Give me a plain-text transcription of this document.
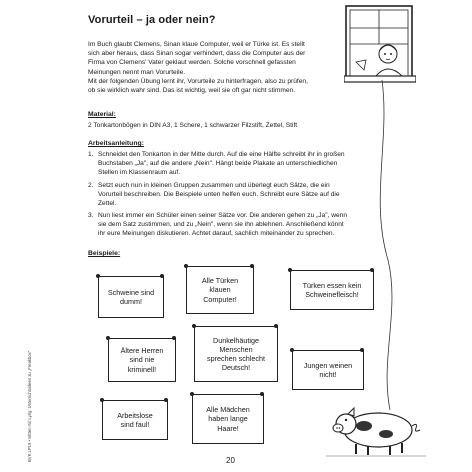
Vorurteil – ja oder nein?
Im Buch glaubt Clemens, Sinan klaue Computer, weil er Türke ist. Es stellt
sich aber heraus, dass Sinan sogar verhindert, dass die Computer aus der
Firma von Clemens' Vater geklaut werden. Solche vorschnell gefassten
Meinungen nennt man Vorurteile.
Mit der folgenden Übung lernt ihr, Vorurteile zu hinterfragen, also zu prüfen,
ob sie wirklich wahr sind. Das ist wichtig, weil sie oft gar nicht stimmen.
Material:
2 Tonkartonbögen in DIN A3, 1 Schere, 1 schwarzer Filzstift, Zettel, Stift
Arbeitsanleitung:
1. Schneidet den Tonkarton in der Mitte durch. Auf die eine Hälfte schreibt ihr in großen
Buchstaben „Ja", auf die andere „Nein". Hängt beide Plakate an unterschiedlichen
Stellen im Klassenraum auf.
2. Setzt euch nun in kleinen Gruppen zusammen und überlegt euch Sätze, die ein
Vorurteil beschreiben. Die Beispiele unten helfen euch. Schreibt eure Sätze auf die
Zettel.
3. Nun liest immer ein Schüler einen seiner Sätze vor. Die anderen gehen zu „Ja", wenn
sie dem Satz zustimmen, und zu „Nein", wenn sie ihn ablehnen. Anschließend könnt
ihr eure Meinungen diskutieren. Achtet darauf, sachlich miteinander zu sprechen.
Beispiele:
Schweine sind
dumm!
Alle Türken
klauen
Computer!
Türken essen kein
Schweinefleisch!
Ältere Herren
sind nie
kriminell!
Dunkelhäutige
Menschen
sprechen schlecht
Deutsch!	Jungen weinen
nicht!
Arbeitslose
sind faul!
Alle Mädchen
haben lange
Haare!
20
BVK LP15 • Mitten mit Lyrig: Unterrichtsideen zu „Freakbox"
